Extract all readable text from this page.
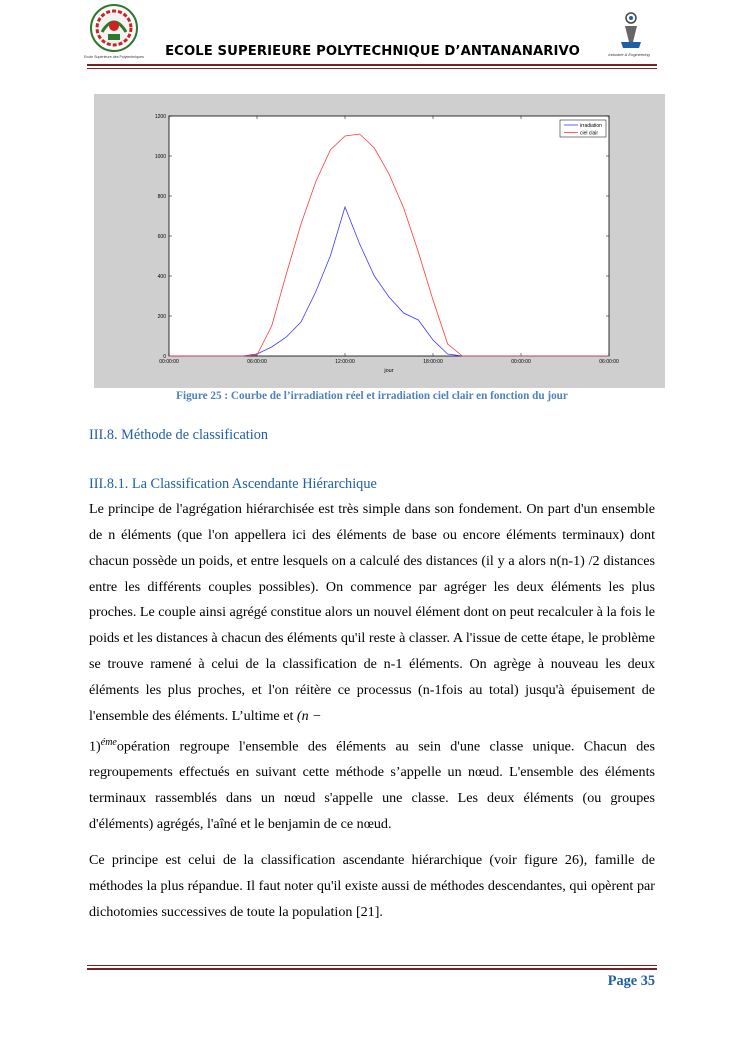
Ecole Supérieure des Polytechniques	ECOLE SUPERIEURE POLYTECHNIQUE D’ANTANANARIVO	Industrie & Engineering
0
200
400
600
800
1000
1200
00:00:00	06:00:00	12:00:00	18:00:00	00:00:00	06:00:00
jour
irradiation
ciel clair
Figure 25 : Courbe de l’irradiation réel et irradiation ciel clair en fonction du jour
III.8. Méthode de classification
III.8.1. La Classification Ascendante Hiérarchique

Le principe de l'agrégation hiérarchisée est très simple dans son fondement. On part d'un ensemble de n éléments (que l'on appellera ici des éléments de base ou encore éléments terminaux) dont chacun possède un poids, et entre lesquels on a calculé des distances (il y a alors n(n-1) /2 distances entre les différents couples possibles). On commence par agréger les deux éléments les plus proches. Le couple ainsi agrégé constitue alors un nouvel élément dont on peut recalculer à la fois le poids et les distances à chacun des éléments qu'il reste à classer. A l'issue de cette étape, le problème se trouve ramené à celui de la classification de n-1 éléments. On agrège à nouveau les deux éléments les plus proches, et l'on réitère ce processus (n-1fois au total) jusqu'à épuisement de l'ensemble des éléments. L’ultime et (n −
1)$^{éme}$opération regroupe l'ensemble des éléments au sein d'une classe unique. Chacun des regroupements effectués en suivant cette méthode s’appelle un nœud. L'ensemble des éléments terminaux rassemblés dans un nœud s'appelle une classe. Les deux éléments (ou groupes d'éléments) agrégés, l'aîné et le benjamin de ce nœud.

Ce principe est celui de la classification ascendante hiérarchique (voir figure 26), famille de méthodes la plus répandue. Il faut noter qu'il existe aussi de méthodes descendantes, qui opèrent par dichotomies successives de toute la population [21].

Page 35
